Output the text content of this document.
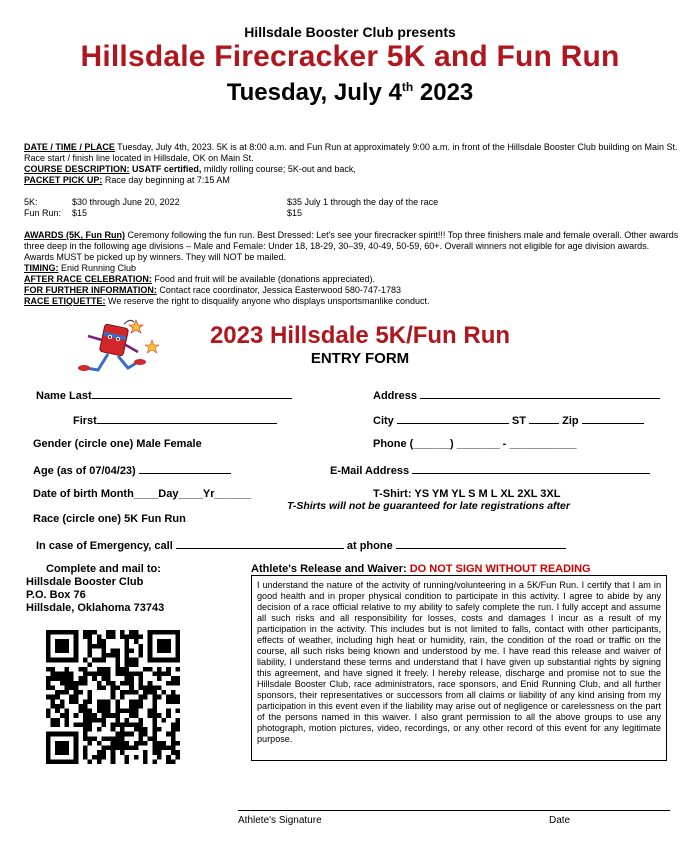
Hillsdale Booster Club presents
Hillsdale Firecracker 5K and Fun Run
Tuesday, July 4th 2023
DATE / TIME / PLACE Tuesday, July 4th, 2023. 5K is at 8:00 a.m. and Fun Run at approximately 9:00 a.m. in front of the Hillsdale Booster Club building on Main St. Race start / finish line located in Hillsdale, OK on Main St.
COURSE DESCRIPTION: USATF certified, mildly rolling course; 5K-out and back,
PACKET PICK UP: Race day beginning at 7:15 AM
5K:	$30 through June 20, 2022	$35 July 1 through the day of the race
Fun Run: $15	$15
AWARDS (5K, Fun Run) Ceremony following the fun run. Best Dressed: Let's see your firecracker spirit!!! Top three finishers male and female overall. Other awards three deep in the following age divisions – Male and Female: Under 18, 18-29, 30–39, 40-49, 50-59, 60+. Overall winners not eligible for age division awards. Awards MUST be picked up by winners. They will NOT be mailed.
TIMING: Enid Running Club
AFTER RACE CELEBRATION: Food and fruit will be available (donations appreciated).
FOR FURTHER INFORMATION: Contact race coordinator, Jessica Easterwood 580-747-1783
RACE ETIQUETTE: We reserve the right to disqualify anyone who displays unsportsmanlike conduct.
2023 Hillsdale 5K/Fun Run
ENTRY FORM
Name Last	Address
First	City	ST	Zip
Gender (circle one) Male Female	Phone (______) _______ - ___________
Age (as of 07/04/23)	E-Mail Address
Date of birth Month____Day____Yr______	T-Shirt: YS YM YL S M L XL 2XL 3XL
T-Shirts will not be guaranteed for late registrations after
Race (circle one) 5K Fun Run
In case of Emergency, call	at phone
Complete and mail to:
Hillsdale Booster Club
P.O. Box 76
Hillsdale, Oklahoma 73743
Athlete's Release and Waiver: DO NOT SIGN WITHOUT READING
I understand the nature of the activity of running/volunteering in a 5K/Fun Run. I certify that I am in good health and in proper physical condition to participate in this activity. I agree to abide by any decision of a race official relative to my ability to safely complete the run. I fully accept and assume all such risks and all responsibility for losses, costs and damages I incur as a result of my participation in the activity. This includes but is not limited to falls, contact with other participants, effects of weather, including high heat or humidity, rain, the condition of the road or traffic on the course, all such risks being known and understood by me. I have read this release and waiver of liability, I understand these terms and understand that I have given up substantial rights by signing this agreement, and have signed it freely. I hereby release, discharge and promise not to sue the Hillsdale Booster Club, race administrators, race sponsors, and Enid Running Club, and all further sponsors, their representatives or successors from all claims or liability of any kind arising from my participation in this event even if the liability may arise out of negligence or carelessness on the part of the persons named in this waiver. I also grant permission to all the above groups to use any photograph, motion pictures, video, recordings, or any other record of this event for any legitimate purpose.
Athlete's Signature	Date
